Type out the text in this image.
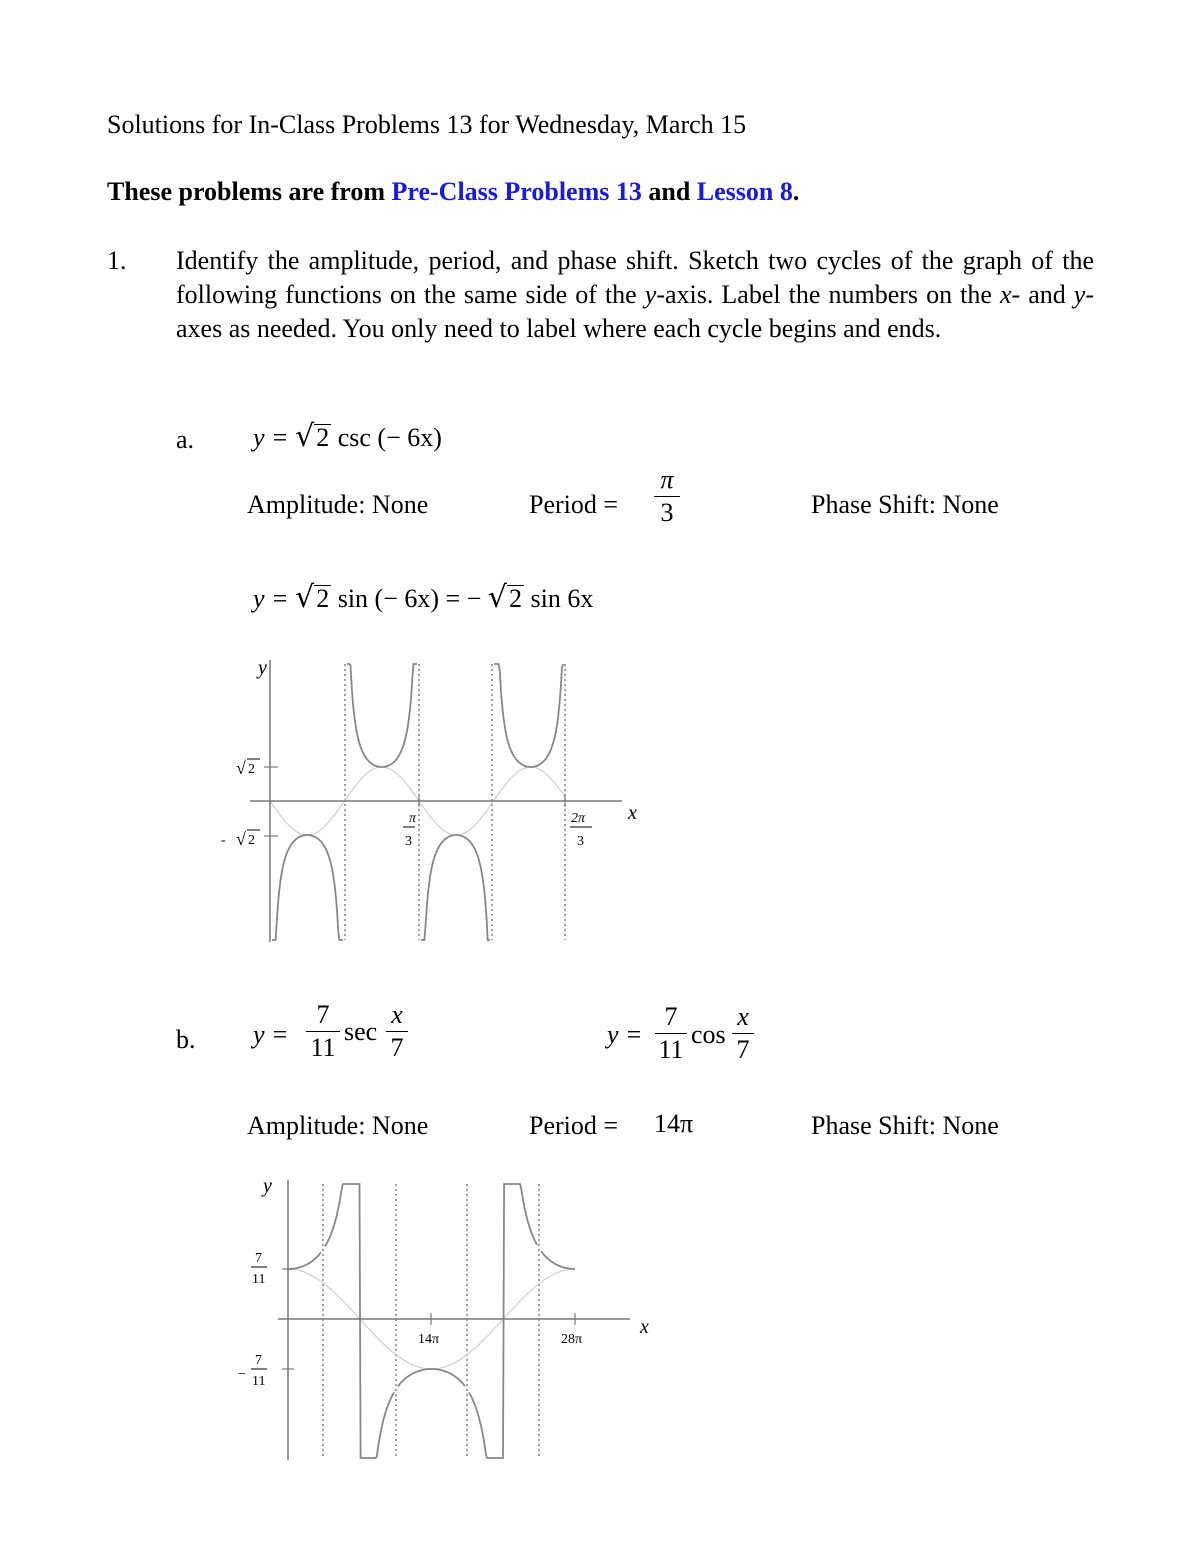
Solutions for In-Class Problems 13 for Wednesday, March 15
These problems are from Pre-Class Problems 13 and Lesson 8.
1. Identify the amplitude, period, and phase shift. Sketch two cycles of the graph of the following functions on the same side of the y-axis. Label the numbers on the x- and y-axes as needed. You only need to label where each cycle begins and ends.
a. y = √2 csc (− 6x)
Amplitude: None	Period =
π
3	Phase Shift: None
y = √2 sin (− 6x) = − √2 sin 6x
y
x
√ 2
- √ 2
π
3
2π
3
b. y =
7
11
sec
x
7	y =
7
11
cos
x
7
Amplitude: None	Period = 14π	Phase Shift: None
y
x
7
11
−
7
11
14π	28π
